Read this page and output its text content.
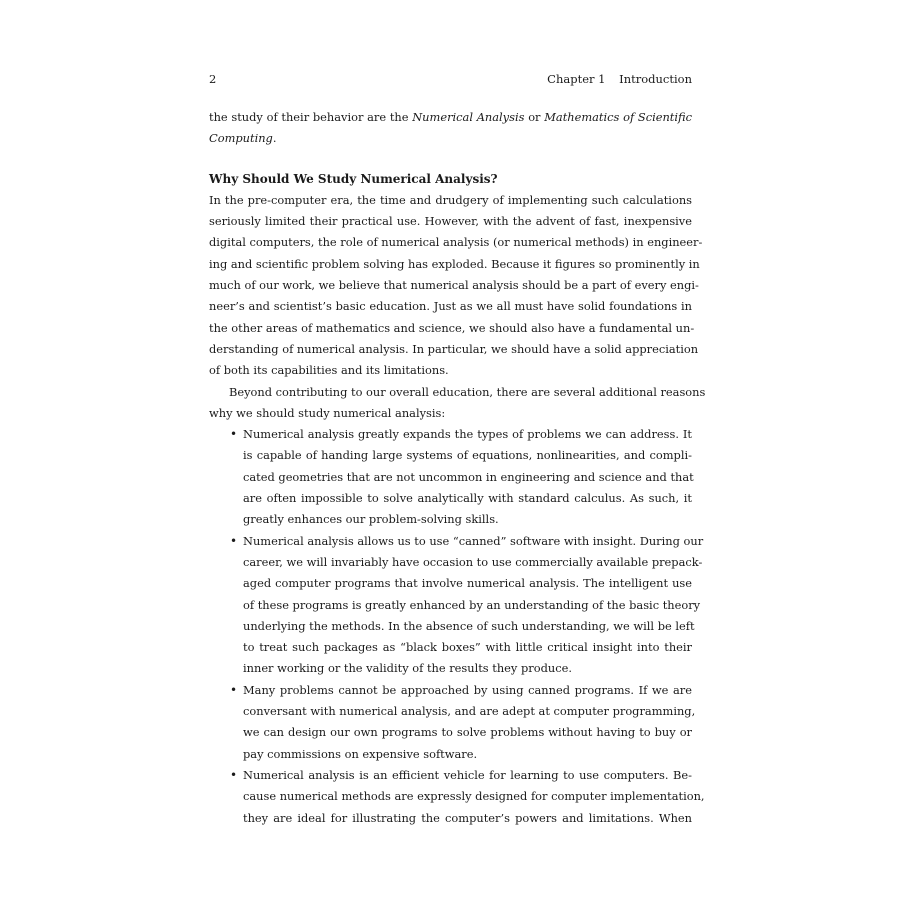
2	Chapter 1 Introduction
the study of their behavior are the Numerical Analysis or Mathematics of Scientific
Computing.
Why Should We Study Numerical Analysis?
In the pre-computer era, the time and drudgery of implementing such calculations
seriously limited their practical use. However, with the advent of fast, inexpensive
digital computers, the role of numerical analysis (or numerical methods) in engineer-
ing and scientific problem solving has exploded. Because it figures so prominently in
much of our work, we believe that numerical analysis should be a part of every engi-
neer’s and scientist’s basic education. Just as we all must have solid foundations in
the other areas of mathematics and science, we should also have a fundamental un-
derstanding of numerical analysis. In particular, we should have a solid appreciation
of both its capabilities and its limitations.
Beyond contributing to our overall education, there are several additional reasons
why we should study numerical analysis:
• Numerical analysis greatly expands the types of problems we can address. It
is capable of handing large systems of equations, nonlinearities, and compli-
cated geometries that are not uncommon in engineering and science and that
are often impossible to solve analytically with standard calculus. As such, it
greatly enhances our problem-solving skills.
• Numerical analysis allows us to use “canned” software with insight. During our
career, we will invariably have occasion to use commercially available prepack-
aged computer programs that involve numerical analysis. The intelligent use
of these programs is greatly enhanced by an understanding of the basic theory
underlying the methods. In the absence of such understanding, we will be left
to treat such packages as “black boxes” with little critical insight into their
inner working or the validity of the results they produce.
• Many problems cannot be approached by using canned programs. If we are
conversant with numerical analysis, and are adept at computer programming,
we can design our own programs to solve problems without having to buy or
pay commissions on expensive software.
• Numerical analysis is an efficient vehicle for learning to use computers. Be-
cause numerical methods are expressly designed for computer implementation,
they are ideal for illustrating the computer’s powers and limitations. When
